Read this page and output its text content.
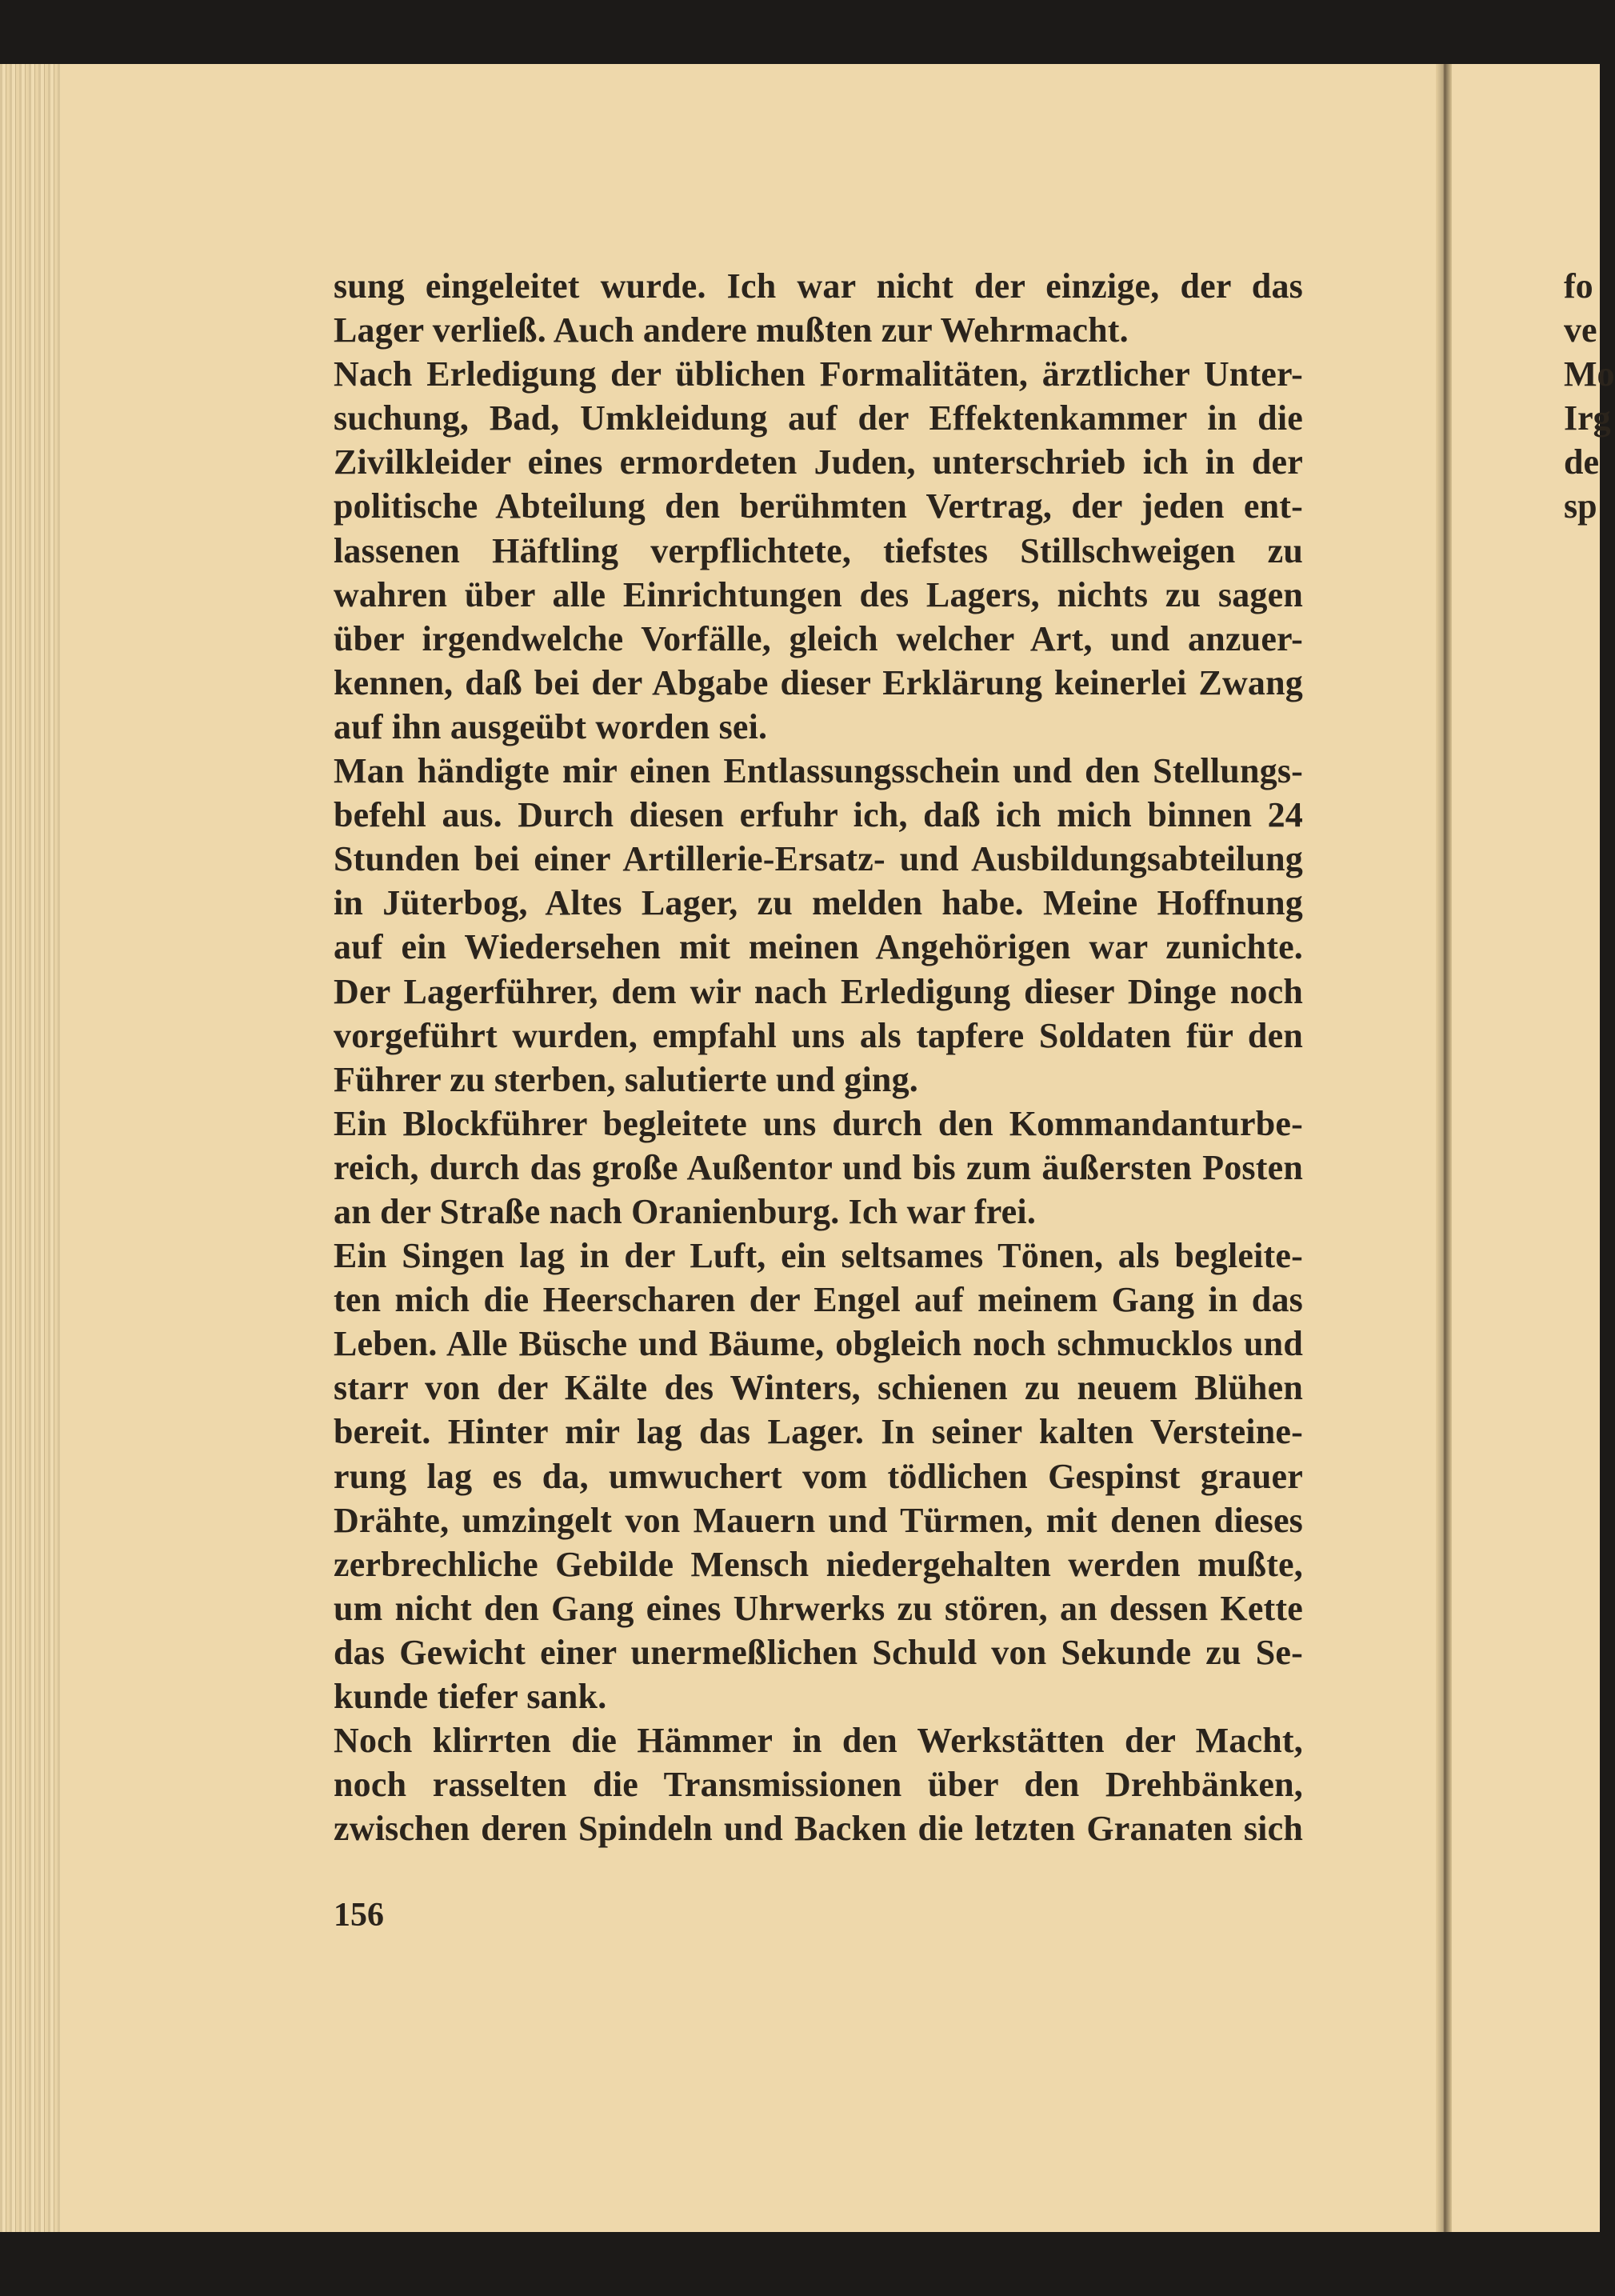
sung eingeleitet wurde. Ich war nicht der einzige, der das
Lager verließ. Auch andere mußten zur Wehrmacht.
Nach Erledigung der üblichen Formalitäten, ärztlicher Unter-
suchung, Bad, Umkleidung auf der Effektenkammer in die
Zivilkleider eines ermordeten Juden, unterschrieb ich in der
politische Abteilung den berühmten Vertrag, der jeden ent-
lassenen Häftling verpflichtete, tiefstes Stillschweigen zu
wahren über alle Einrichtungen des Lagers, nichts zu sagen
über irgendwelche Vorfälle, gleich welcher Art, und anzuer-
kennen, daß bei der Abgabe dieser Erklärung keinerlei Zwang
auf ihn ausgeübt worden sei.
Man händigte mir einen Entlassungsschein und den Stellungs-
befehl aus. Durch diesen erfuhr ich, daß ich mich binnen 24
Stunden bei einer Artillerie-Ersatz- und Ausbildungsabteilung
in Jüterbog, Altes Lager, zu melden habe. Meine Hoffnung
auf ein Wiedersehen mit meinen Angehörigen war zunichte.
Der Lagerführer, dem wir nach Erledigung dieser Dinge noch
vorgeführt wurden, empfahl uns als tapfere Soldaten für den
Führer zu sterben, salutierte und ging.
Ein Blockführer begleitete uns durch den Kommandanturbe-
reich, durch das große Außentor und bis zum äußersten Posten
an der Straße nach Oranienburg. Ich war frei.
Ein Singen lag in der Luft, ein seltsames Tönen, als begleite-
ten mich die Heerscharen der Engel auf meinem Gang in das
Leben. Alle Büsche und Bäume, obgleich noch schmucklos und
starr von der Kälte des Winters, schienen zu neuem Blühen
bereit. Hinter mir lag das Lager. In seiner kalten Versteine-
rung lag es da, umwuchert vom tödlichen Gespinst grauer
Drähte, umzingelt von Mauern und Türmen, mit denen dieses
zerbrechliche Gebilde Mensch niedergehalten werden mußte,
um nicht den Gang eines Uhrwerks zu stören, an dessen Kette
das Gewicht einer unermeßlichen Schuld von Sekunde zu Se-
kunde tiefer sank.
Noch klirrten die Hämmer in den Werkstätten der Macht,
noch rasselten die Transmissionen über den Drehbänken,
zwischen deren Spindeln und Backen die letzten Granaten sich
156
fo
ve
Mo
Irg
de
sp
